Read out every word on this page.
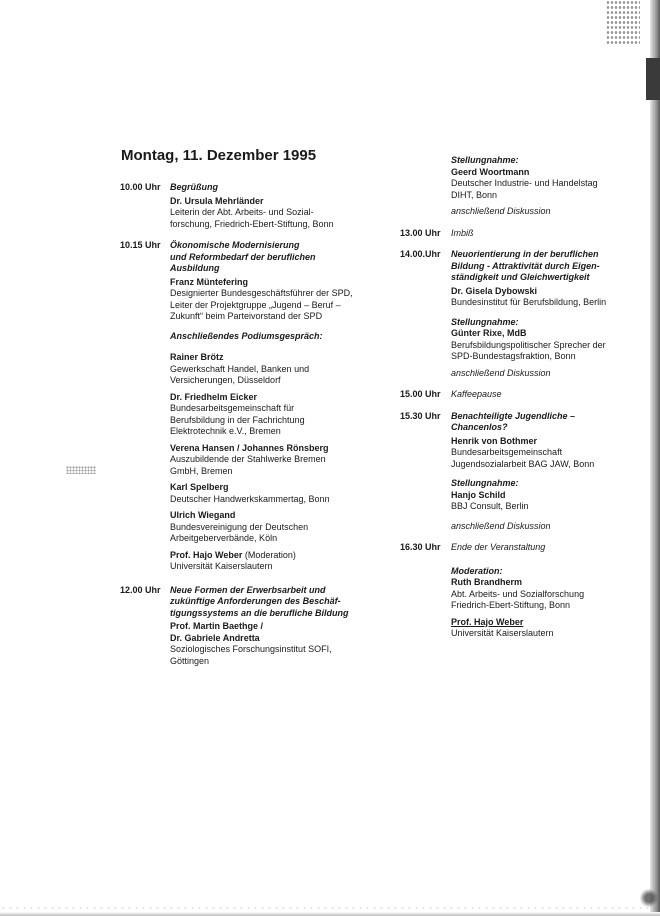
Montag, 11. Dezember 1995
10.00 Uhr	Begrüßung
Dr. Ursula Mehrländer
Leiterin der Abt. Arbeits- und Sozial-
forschung, Friedrich-Ebert-Stiftung, Bonn
10.15 Uhr	Ökonomische Modernisierung
und Reformbedarf der beruflichen
Ausbildung
Franz Müntefering
Designierter Bundesgeschäftsführer der SPD,
Leiter der Projektgruppe „Jugend – Beruf –
Zukunft“ beim Parteivorstand der SPD
Anschließendes Podiumsgespräch:
Rainer Brötz
Gewerkschaft Handel, Banken und
Versicherungen, Düsseldorf
Dr. Friedhelm Eicker
Bundesarbeitsgemeinschaft für
Berufsbildung in der Fachrichtung
Elektrotechnik e.V., Bremen
Verena Hansen / Johannes Rönsberg
Auszubildende der Stahlwerke Bremen
GmbH, Bremen
Karl Spelberg
Deutscher Handwerkskammertag, Bonn
Ulrich Wiegand
Bundesvereinigung der Deutschen
Arbeitgeberverbände, Köln
Prof. Hajo Weber (Moderation)
Universität Kaiserslautern
12.00 Uhr	Neue Formen der Erwerbsarbeit und
zukünftige Anforderungen des Beschäf-
tigungssystems an die berufliche Bildung
Prof. Martin Baethge /
Dr. Gabriele Andretta
Soziologisches Forschungsinstitut SOFI,
Göttingen
Stellungnahme:
Geerd Woortmann
Deutscher Industrie- und Handelstag
DIHT, Bonn
anschließend Diskussion
13.00 Uhr	Imbiß
14.00.Uhr	Neuorientierung in der beruflichen
Bildung - Attraktivität durch Eigen-
ständigkeit und Gleichwertigkeit
Dr. Gisela Dybowski
Bundesinstitut für Berufsbildung, Berlin
Stellungnahme:
Günter Rixe, MdB
Berufsbildungspolitischer Sprecher der
SPD-Bundestagsfraktion, Bonn
anschließend Diskussion
15.00 Uhr	Kaffeepause
15.30 Uhr	Benachteiligte Jugendliche –
Chancenlos?
Henrik von Bothmer
Bundesarbeitsgemeinschaft
Jugendsozialarbeit BAG JAW, Bonn
Stellungnahme:
Hanjo Schild
BBJ Consult, Berlin
anschließend Diskussion
16.30 Uhr	Ende der Veranstaltung
Moderation:
Ruth Brandherm
Abt. Arbeits- und Sozialforschung
Friedrich-Ebert-Stiftung, Bonn
Prof. Hajo Weber
Universität Kaiserslautern
